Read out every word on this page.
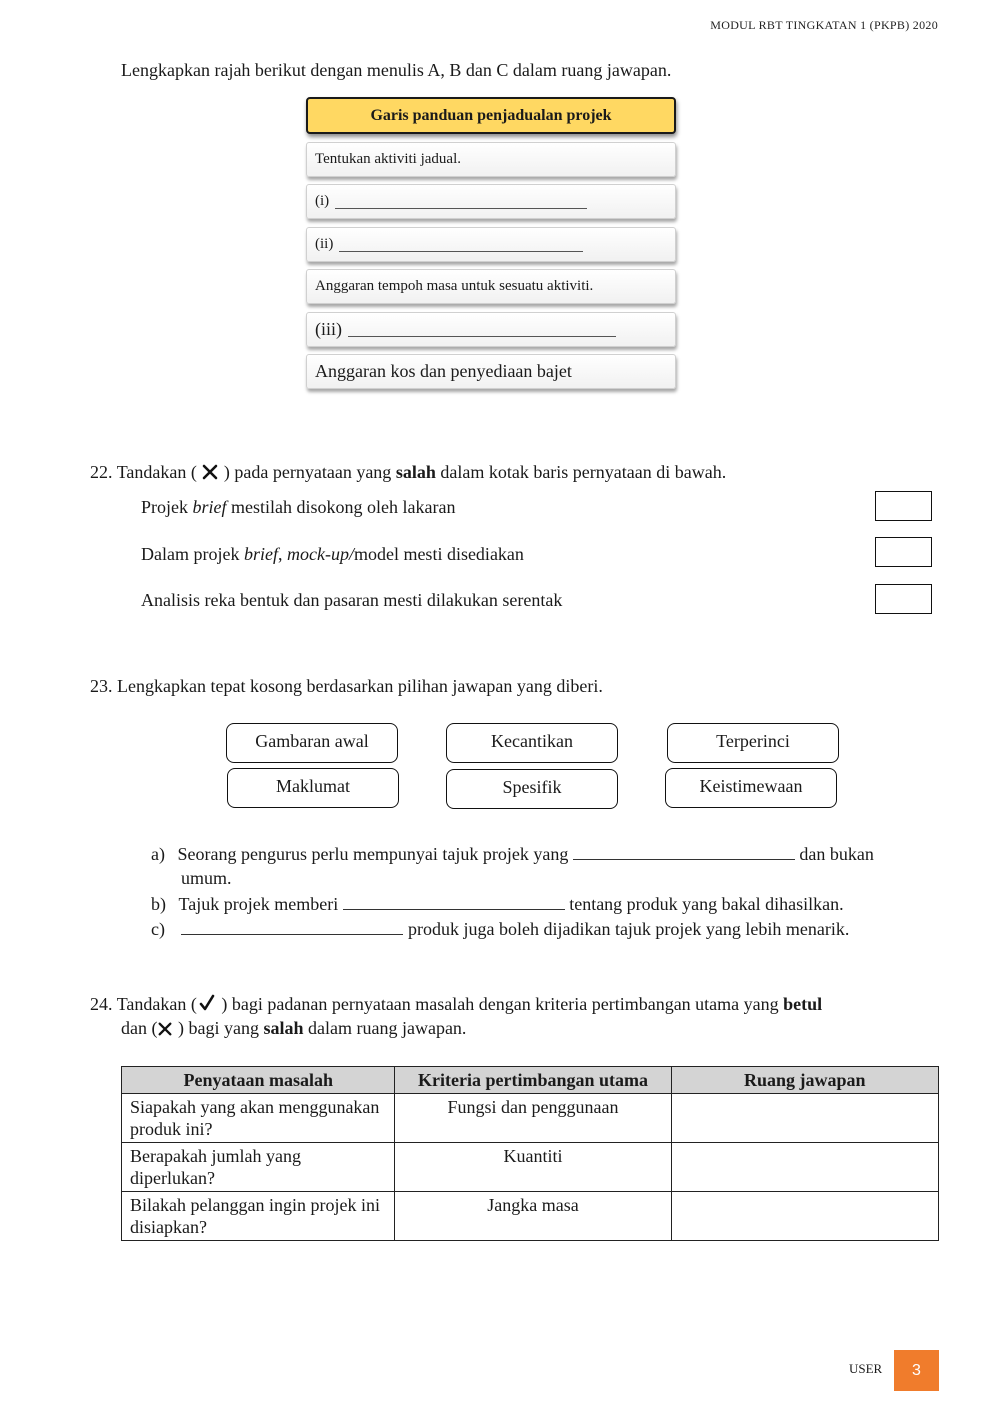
MODUL RBT TINGKATAN 1 (PKPB) 2020
Lengkapkan rajah berikut dengan menulis A, B dan C dalam ruang jawapan.
Garis panduan penjadualan projek
Tentukan aktiviti jadual.
(i)
(ii)
Anggaran tempoh masa untuk sesuatu aktiviti.
(iii)
Anggaran kos dan penyediaan bajet
22. Tandakan ( ) pada pernyataan yang salah dalam kotak baris pernyataan di bawah.
Projek brief mestilah disokong oleh lakaran
Dalam projek brief, mock-up/model mesti disediakan
Analisis reka bentuk dan pasaran mesti dilakukan serentak
23. Lengkapkan tepat kosong berdasarkan pilihan jawapan yang diberi.
Gambaran awal	Kecantikan	Terperinci
Maklumat	Spesifik	Keistimewaan
a) Seorang pengurus perlu mempunyai tajuk projek yang	dan bukan
umum.
b) Tajuk projek memberi	tentang produk yang bakal dihasilkan.
c)	produk juga boleh dijadikan tajuk projek yang lebih menarik.
24. Tandakan ( ) bagi padanan pernyataan masalah dengan kriteria pertimbangan utama yang betul
dan ( ) bagi yang salah dalam ruang jawapan.
Penyataan masalah	Kriteria pertimbangan utama	Ruang jawapan
Siapakah yang akan menggunakan produk ini?	Fungsi dan penggunaan	
Berapakah jumlah yang diperlukan?	Kuantiti	
Bilakah pelanggan ingin projek ini disiapkan?	Jangka masa	
USER	3
